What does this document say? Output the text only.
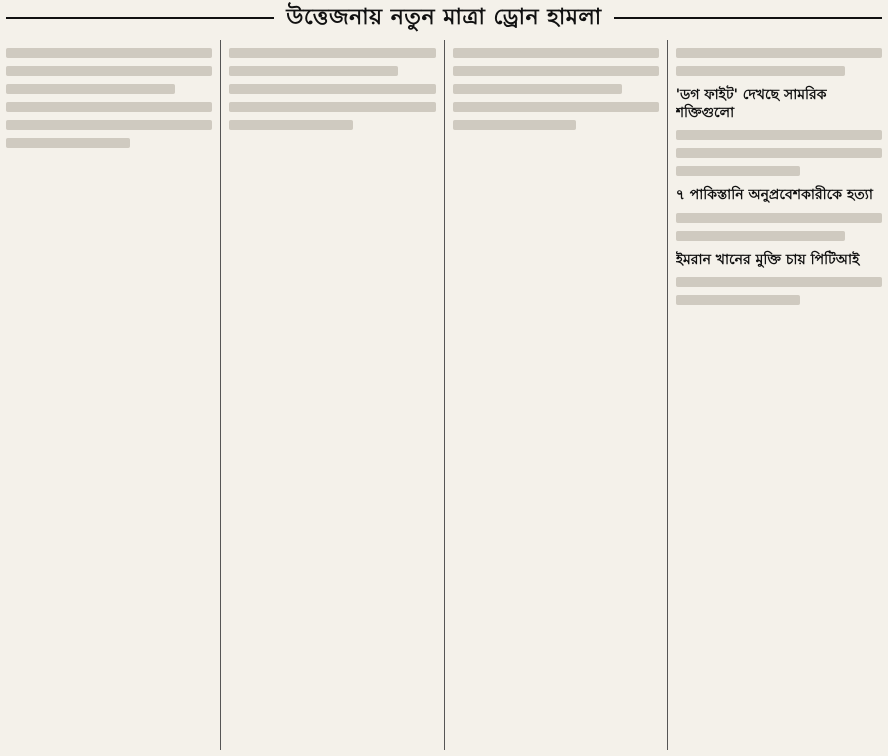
উত্তেজনায় নতুন মাত্রা ড্রোন হামলা
'ডগ ফাইট' দেখছে সামরিক শক্তিগুলো
৭ পাকিস্তানি অনুপ্রবেশকারীকে হত্যা
ইমরান খানের মুক্তি চায় পিটিআই
